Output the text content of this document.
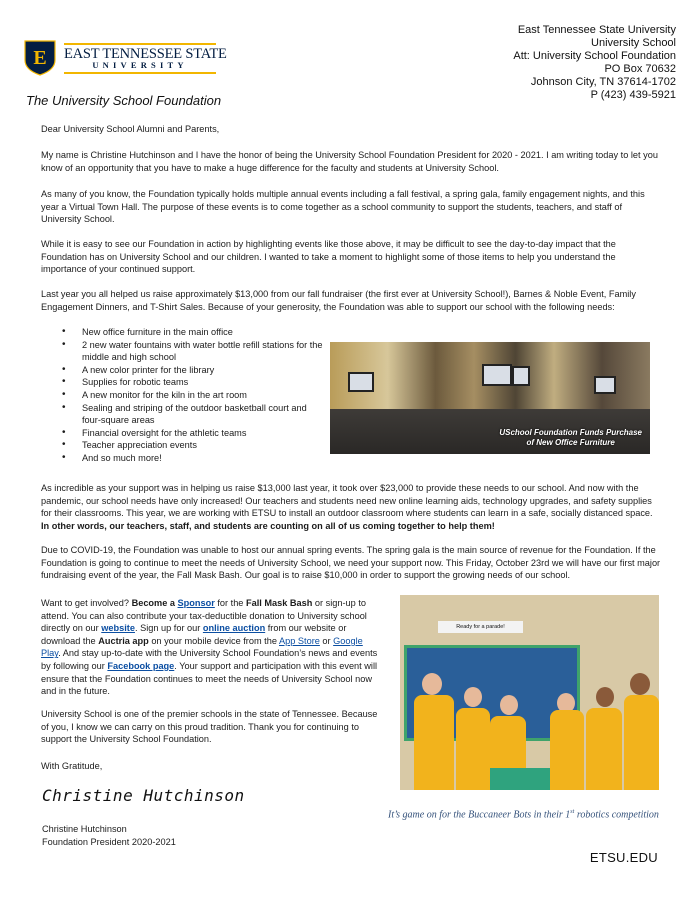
E EAST TENNESSEE STATE
UNIVERSITY
The University School Foundation
East Tennessee State University
University School
Att: University School Foundation
PO Box 70632
Johnson City, TN 37614-1702
P (423) 439-5921

Dear University School Alumni and Parents,

My name is Christine Hutchinson and I have the honor of being the University School Foundation President for 2020 - 2021. I am writing today to let you know of an opportunity that you have to make a huge difference for the faculty and students at University School.

As many of you know, the Foundation typically holds multiple annual events including a fall festival, a spring gala, family engagement nights, and this year a Virtual Town Hall. The purpose of these events is to come together as a school community to support the students, teachers, and staff of University School.

While it is easy to see our Foundation in action by highlighting events like those above, it may be difficult to see the day-to-day impact that the Foundation has on University School and our children. I wanted to take a moment to highlight some of those items to help you understand the importance of your continued support.

Last year you all helped us raise approximately $13,000 from our fall fundraiser (the first ever at University School!), Barnes & Noble Event, Family Engagement Dinners, and T-Shirt Sales. Because of your generosity, the Foundation was able to support our school with the following needs:

• New office furniture in the main office
• 2 new water fountains with water bottle refill stations for the middle and high school
• A new color printer for the library
• Supplies for robotic teams
• A new monitor for the kiln in the art room
• Sealing and striping of the outdoor basketball court and four-square areas
• Financial oversight for the athletic teams
• Teacher appreciation events
• And so much more!
USchool Foundation Funds Purchase
of New Office Furniture

As incredible as your support was in helping us raise $13,000 last year, it took over $23,000 to provide these needs to our school. And now with the pandemic, our school needs have only increased! Our teachers and students need new online learning aids, technology upgrades, and safety supplies for their classrooms. This year, we are working with ETSU to install an outdoor classroom where students can learn in a safe, socially distanced space. In other words, our teachers, staff, and students are counting on all of us coming together to help them!

Due to COVID-19, the Foundation was unable to host our annual spring events. The spring gala is the main source of revenue for the Foundation. If the Foundation is going to continue to meet the needs of University School, we need your support now. This Friday, October 23rd we will have our first major fundraising event of the year, the Fall Mask Bash. Our goal is to raise $10,000 in order to support the growing needs of our school.

Want to get involved? Become a Sponsor for the Fall Mask Bash or sign-up to attend. You can also contribute your tax-deductible donation to University school directly on our website. Sign up for our online auction from our website or download the Auctria app on your mobile device from the App Store or Google Play. And stay up-to-date with the University School Foundation’s news and events by following our Facebook page. Your support and participation with this event will ensure that the Foundation continues to meet the needs of University School now and in the future.

University School is one of the premier schools in the state of Tennessee. Because of you, I know we can carry on this proud tradition. Thank you for continuing to support the University School Foundation.

With Gratitude,

Christine Hutchinson
Foundation President 2020-2021
Christine Hutchinson
Ready for a parade!
It’s game on for the Buccaneer Bots in their 1st robotics competition
ETSU.EDU
